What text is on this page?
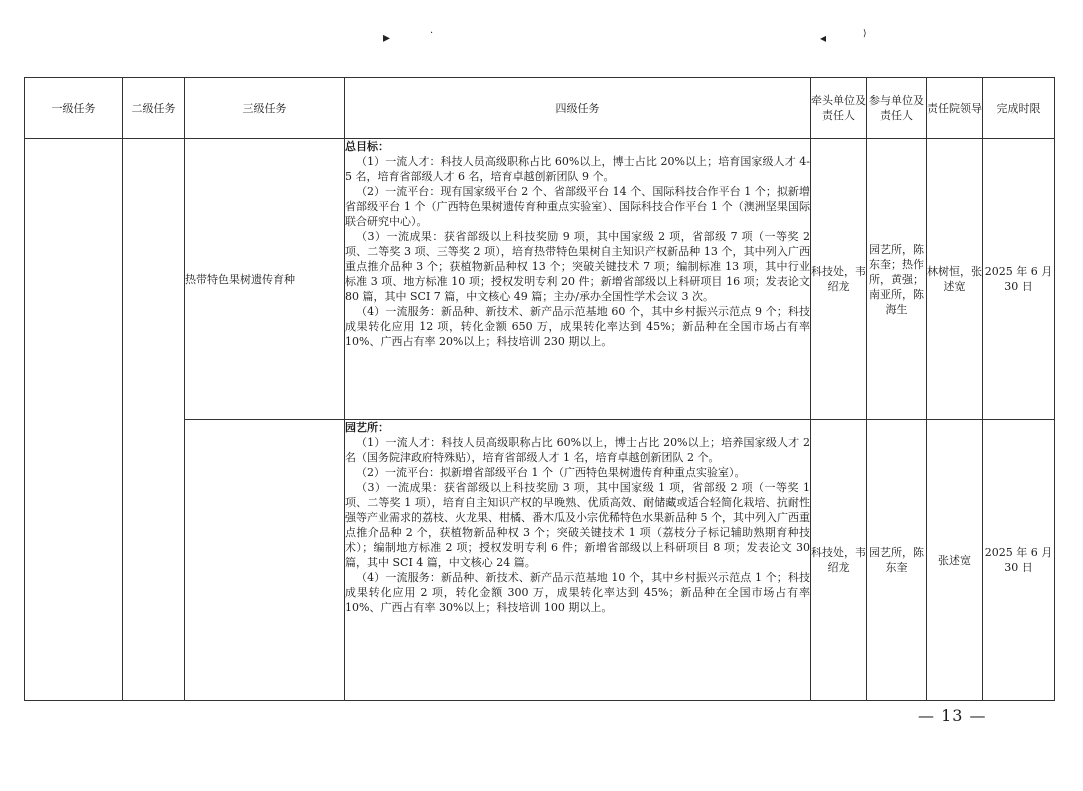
▸	·	◂	⟩
一级任务	二级任务	三级任务	四级任务	牵头单位及责任人	参与单位及责任人	责任院领导	完成时限
		热带特色果树遗传育种	总目标：

（1）一流人才：科技人员高级职称占比 60%以上，博士占比 20%以上；培育国家级人才 4-5 名，培育省部级人才 6 名，培育卓越创新团队 9 个。

（2）一流平台：现有国家级平台 2 个、省部级平台 14 个、国际科技合作平台 1 个；拟新增省部级平台 1 个（广西特色果树遗传育种重点实验室）、国际科技合作平台 1 个（澳洲坚果国际联合研究中心）。

（3）一流成果：获省部级以上科技奖励 9 项，其中国家级 2 项，省部级 7 项（一等奖 2 项、二等奖 3 项、三等奖 2 项），培育热带特色果树自主知识产权新品种 13 个，其中列入广西重点推介品种 3 个；获植物新品种权 13 个；突破关键技术 7 项；编制标准 13 项，其中行业标准 3 项、地方标准 10 项；授权发明专利 20 件；新增省部级以上科研项目 16 项；发表论文 80 篇，其中 SCI 7 篇，中文核心 49 篇；主办/承办全国性学术会议 3 次。

（4）一流服务：新品种、新技术、新产品示范基地 60 个，其中乡村振兴示范点 9 个；科技成果转化应用 12 项，转化金额 650 万，成果转化率达到 45%；新品种在全国市场占有率 10%、广西占有率 20%以上；科技培训 230 期以上。	科技处，韦绍龙	园艺所，陈东奎；热作所，黄强；南亚所，陈海生	林树恒，张述宽	2025 年 6 月 30 日

			园艺所：

（1）一流人才：科技人员高级职称占比 60%以上，博士占比 20%以上；培养国家级人才 2 名（国务院津政府特殊贴），培育省部级人才 1 名，培育卓越创新团队 2 个。

（2）一流平台：拟新增省部级平台 1 个（广西特色果树遗传育种重点实验室）。

（3）一流成果：获省部级以上科技奖励 3 项，其中国家级 1 项，省部级 2 项（一等奖 1 项、二等奖 1 项），培育自主知识产权的早晚熟、优质高效、耐储藏或适合轻简化栽培、抗耐性强等产业需求的荔枝、火龙果、柑橘、番木瓜及小宗优稀特色水果新品种 5 个，其中列入广西重点推介品种 2 个，获植物新品种权 3 个；突破关键技术 1 项（荔枝分子标记辅助熟期育种技术）；编制地方标准 2 项；授权发明专利 6 件；新增省部级以上科研项目 8 项；发表论文 30 篇，其中 SCI 4 篇，中文核心 24 篇。

（4）一流服务：新品种、新技术、新产品示范基地 10 个，其中乡村振兴示范点 1 个；科技成果转化应用 2 项，转化金额 300 万，成果转化率达到 45%；新品种在全国市场占有率 10%、广西占有率 30%以上；科技培训 100 期以上。	科技处，韦绍龙	园艺所，陈东奎	张述宽	2025 年 6 月 30 日
— 13 —
